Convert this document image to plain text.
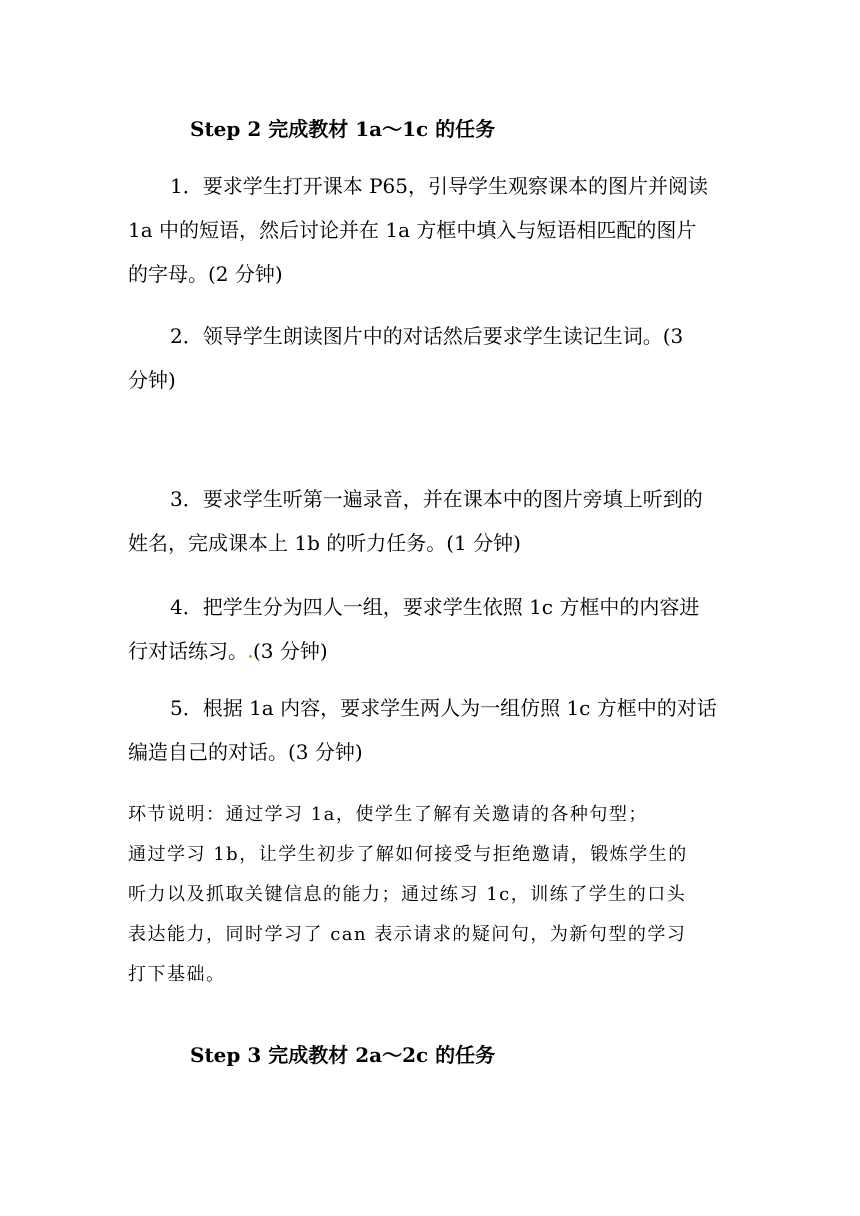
Step 2 完成教材 1a～1c 的任务
1．要求学生打开课本 P65，引导学生观察课本的图片并阅读
1a 中的短语，然后讨论并在 1a 方框中填入与短语相匹配的图片
的字母。(2 分钟)
2．领导学生朗读图片中的对话然后要求学生读记生词。(3
分钟)
3．要求学生听第一遍录音，并在课本中的图片旁填上听到的
姓名，完成课本上 1b 的听力任务。(1 分钟)
4．把学生分为四人一组，要求学生依照 1c 方框中的内容进
行对话练习。 (3 分钟)
5．根据 1a 内容，要求学生两人为一组仿照 1c 方框中的对话
编造自己的对话。(3 分钟)
环节说明：通过学习 1a，使学生了解有关邀请的各种句型；
通过学习 1b，让学生初步了解如何接受与拒绝邀请，锻炼学生的
听力以及抓取关键信息的能力；通过练习 1c，训练了学生的口头
表达能力，同时学习了 can 表示请求的疑问句，为新句型的学习
打下基础。
Step 3 完成教材 2a～2c 的任务
